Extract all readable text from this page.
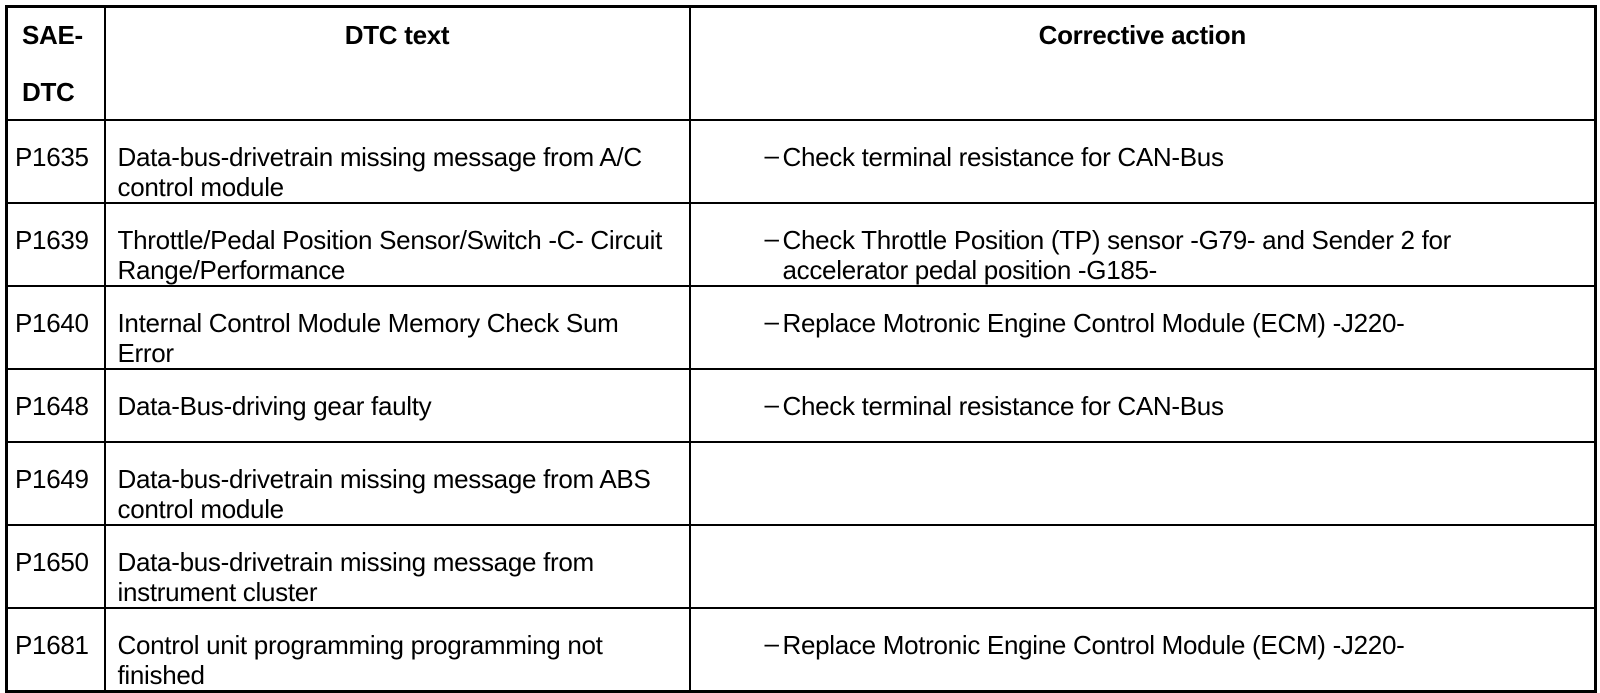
SAE-
DTC	DTC text	Corrective action
P1635	Data-bus-drivetrain missing message from A/C control module	– Check terminal resistance for CAN-Bus

P1639	Throttle/Pedal Position Sensor/Switch -C- Circuit Range/Performance	– Check Throttle Position (TP) sensor -G79- and Sender 2 for accelerator pedal position -G185-

P1640	Internal Control Module Memory Check Sum Error	– Replace Motronic Engine Control Module (ECM) -J220-

P1648	Data-Bus-driving gear faulty	– Check terminal resistance for CAN-Bus

P1649	Data-bus-drivetrain missing message from ABS control module	

P1650	Data-bus-drivetrain missing message from instrument cluster	

P1681	Control unit programming programming not finished	– Replace Motronic Engine Control Module (ECM) -J220-
